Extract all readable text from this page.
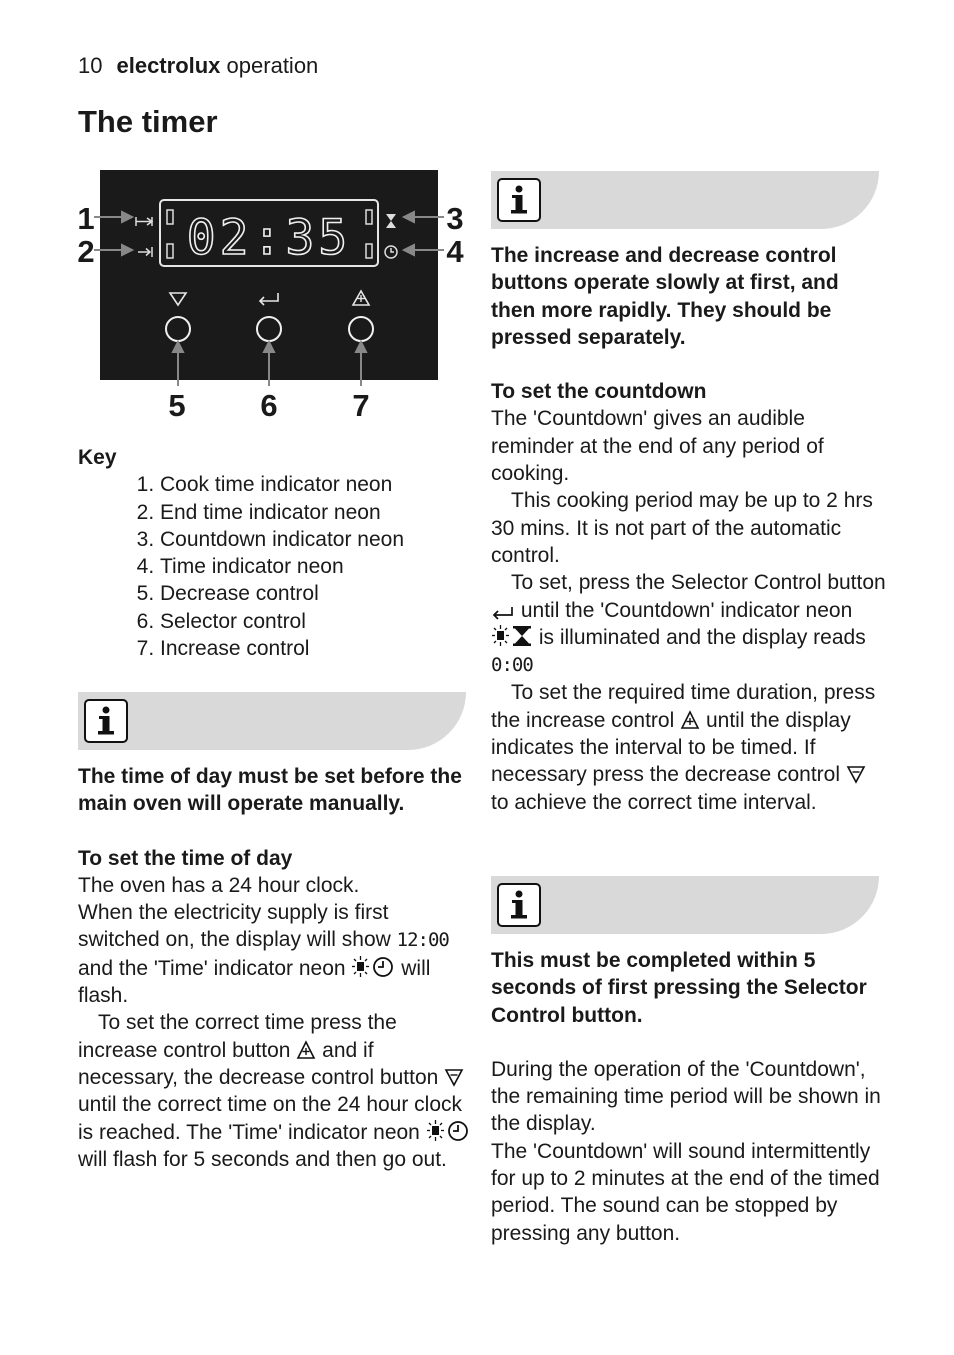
10 electrolux operation
The timer
02:35
1
2
3
4
5 6 7
Key
1. Cook time indicator neon
2. End time indicator neon
3. Countdown indicator neon
4. Time indicator neon
5. Decrease control
6. Selector control
7. Increase control

The time of day must be set before the main oven will operate manually.

To set the time of day

The oven has a 24 hour clock.

When the electricity supply is first switched on, the display will show 12:00 and the 'Time' indicator neon	will flash.

To set the correct time press the increase control button and if necessary, the decrease control button  until the correct time on the 24 hour clock is reached. The 'Time' indicator neon  will flash for 5 seconds and then go out.

The increase and decrease control buttons operate slowly at first, and then more rapidly. They should be pressed separately.

To set the countdown

The 'Countdown' gives an audible reminder at the end of any period of cooking.

This cooking period may be up to 2 hrs 30 mins. It is not part of the automatic control.

To set, press the Selector Control button  until the 'Countdown' indicator neon  is illuminated and the display reads 0:00

To set the required time duration, press the increase control until the display indicates the interval to be timed. If necessary press the decrease control  to achieve the correct time interval.

This must be completed within 5 seconds of first pressing the Selector Control button.

During the operation of the 'Countdown', the remaining time period will be shown in the display.

The 'Countdown' will sound intermittently for up to 2 minutes at the end of the timed period. The sound can be stopped by pressing any button.
